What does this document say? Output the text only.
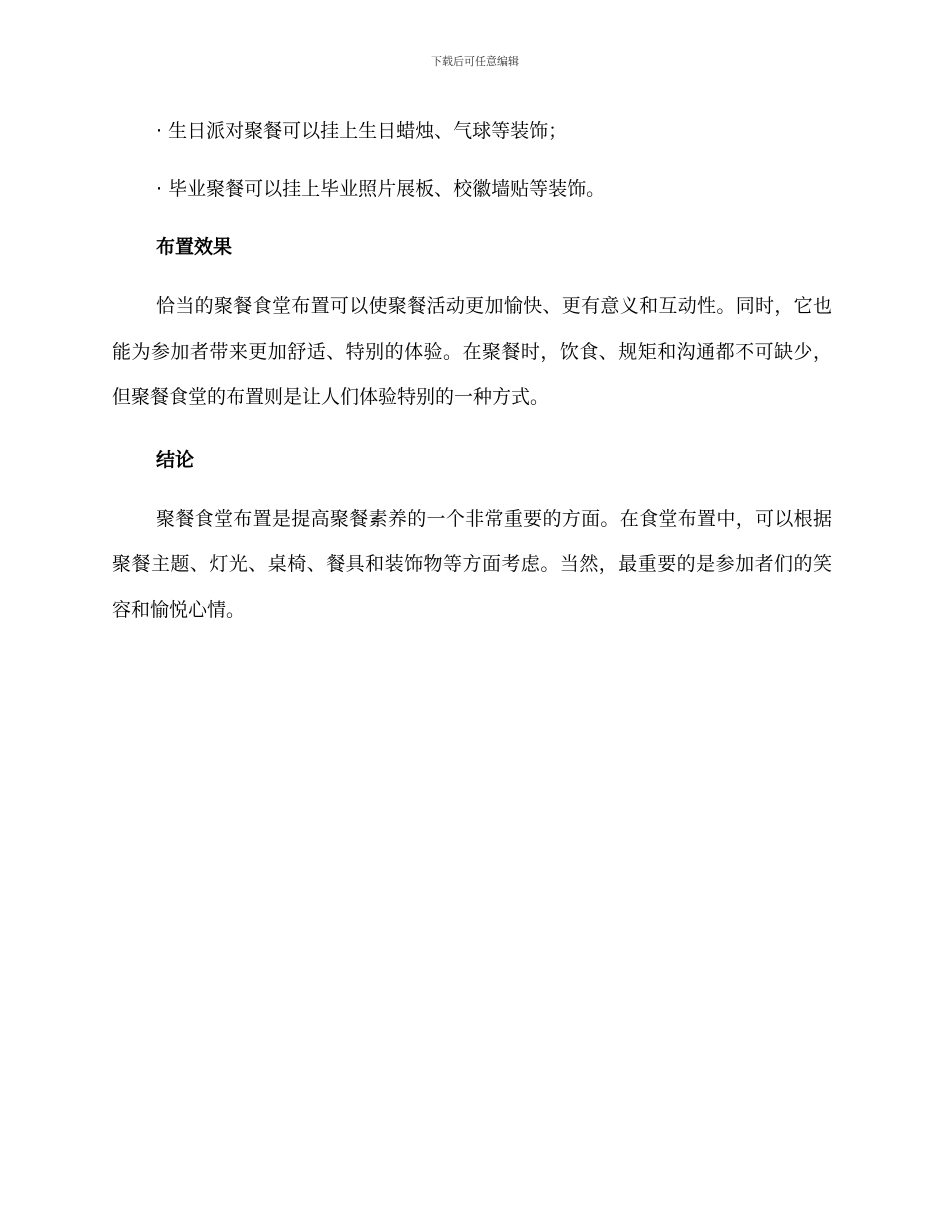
下载后可任意编辑
· 生日派对聚餐可以挂上生日蜡烛、气球等装饰；
· 毕业聚餐可以挂上毕业照片展板、校徽墙贴等装饰。
布置效果

恰当的聚餐食堂布置可以使聚餐活动更加愉快、更有意义和互动性。同时，它也能为参加者带来更加舒适、特别的体验。在聚餐时，饮食、规矩和沟通都不可缺少，但聚餐食堂的布置则是让人们体验特别的一种方式。

结论

聚餐食堂布置是提高聚餐素养的一个非常重要的方面。在食堂布置中，可以根据聚餐主题、灯光、桌椅、餐具和装饰物等方面考虑。当然，最重要的是参加者们的笑容和愉悦心情。
